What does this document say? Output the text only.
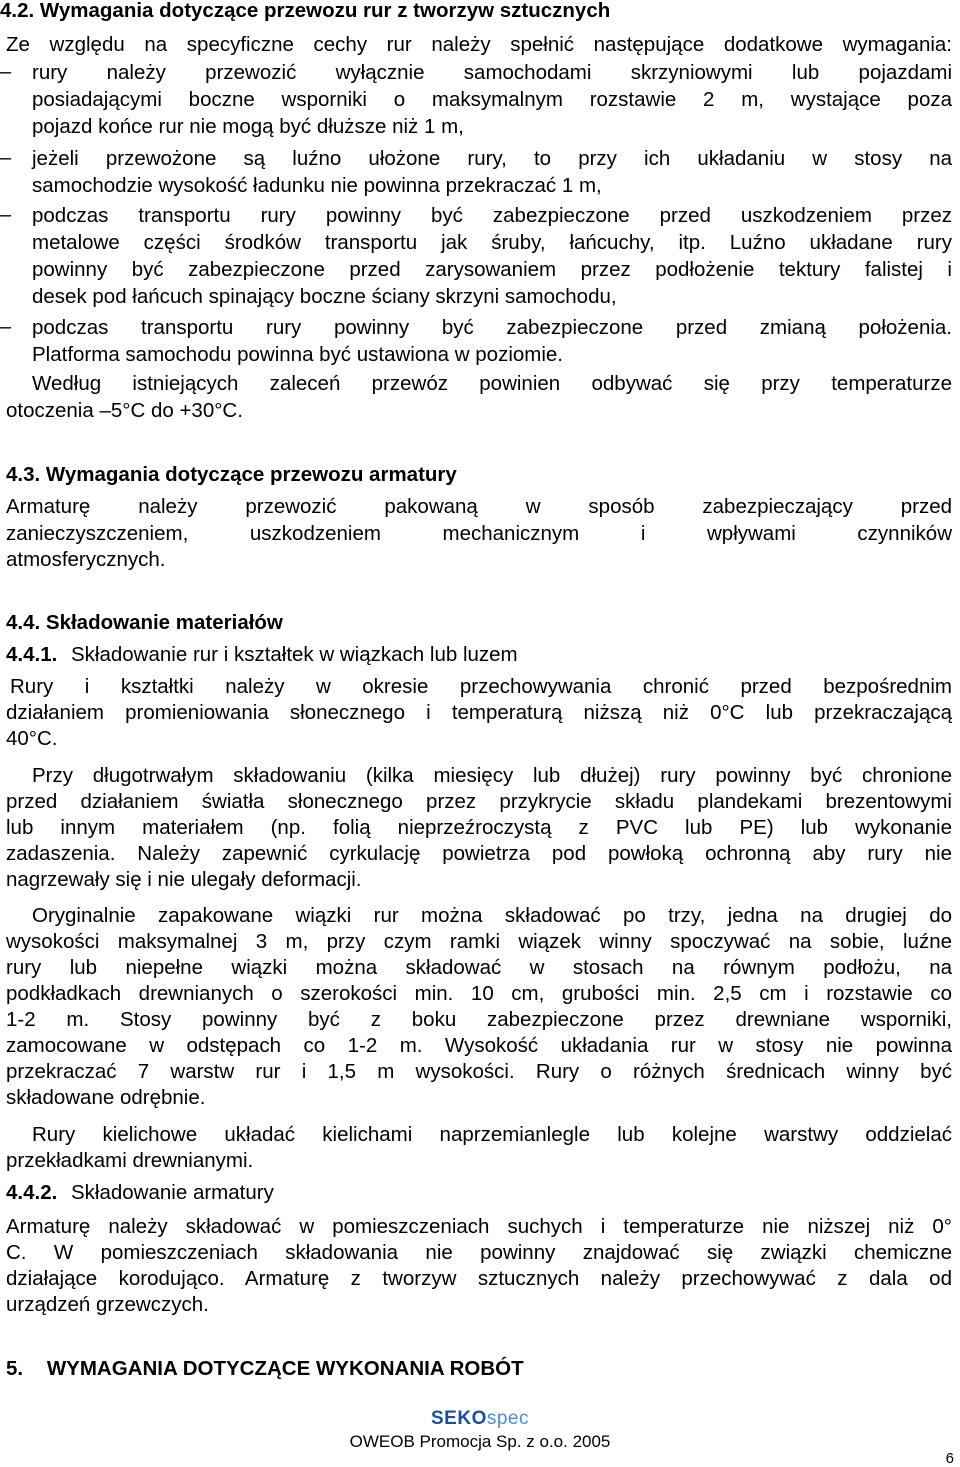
4.2. Wymagania dotyczące przewozu rur z tworzyw sztucznych
Ze względu na specyficzne cechy rur należy spełnić następujące dodatkowe wymagania:
– rury należy przewozić wyłącznie samochodami skrzyniowymi lub pojazdami
posiadającymi boczne wsporniki o maksymalnym rozstawie 2 m, wystające poza
pojazd końce rur nie mogą być dłuższe niż 1 m,
– jeżeli przewożone są luźno ułożone rury, to przy ich układaniu w stosy na
samochodzie wysokość ładunku nie powinna przekraczać 1 m,
– podczas transportu rury powinny być zabezpieczone przed uszkodzeniem przez
metalowe części środków transportu jak śruby, łańcuchy, itp. Luźno układane rury
powinny być zabezpieczone przed zarysowaniem przez podłożenie tektury falistej i
desek pod łańcuch spinający boczne ściany skrzyni samochodu,
– podczas transportu rury powinny być zabezpieczone przed zmianą położenia.
Platforma samochodu powinna być ustawiona w poziomie.
Według istniejących zaleceń przewóz powinien odbywać się przy temperaturze
otoczenia –5°C do +30°C.
4.3. Wymagania dotyczące przewozu armatury
Armaturę należy przewozić pakowaną w sposób zabezpieczający przed
zanieczyszczeniem, uszkodzeniem mechanicznym i wpływami czynników
atmosferycznych.
4.4. Składowanie materiałów
4.4.1. Składowanie rur i kształtek w wiązkach lub luzem
Rury i kształtki należy w okresie przechowywania chronić przed bezpośrednim
działaniem promieniowania słonecznego i temperaturą niższą niż 0°C lub przekraczającą
40°C.
Przy długotrwałym składowaniu (kilka miesięcy lub dłużej) rury powinny być chronione
przed działaniem światła słonecznego przez przykrycie składu plandekami brezentowymi
lub innym materiałem (np. folią nieprzeźroczystą z PVC lub PE) lub wykonanie
zadaszenia. Należy zapewnić cyrkulację powietrza pod powłoką ochronną aby rury nie
nagrzewały się i nie ulegały deformacji.
Oryginalnie zapakowane wiązki rur można składować po trzy, jedna na drugiej do
wysokości maksymalnej 3 m, przy czym ramki wiązek winny spoczywać na sobie, luźne
rury lub niepełne wiązki można składować w stosach na równym podłożu, na
podkładkach drewnianych o szerokości min. 10 cm, grubości min. 2,5 cm i rozstawie co
1-2 m. Stosy powinny być z boku zabezpieczone przez drewniane wsporniki,
zamocowane w odstępach co 1-2 m. Wysokość układania rur w stosy nie powinna
przekraczać 7 warstw rur i 1,5 m wysokości. Rury o różnych średnicach winny być
składowane odrębnie.
Rury kielichowe układać kielichami naprzemianlegle lub kolejne warstwy oddzielać
przekładkami drewnianymi.
4.4.2. Składowanie armatury
Armaturę należy składować w pomieszczeniach suchych i temperaturze nie niższej niż 0°
C. W pomieszczeniach składowania nie powinny znajdować się związki chemiczne
działające korodująco. Armaturę z tworzyw sztucznych należy przechowywać z dala od
urządzeń grzewczych.
5. WYMAGANIA DOTYCZĄCE WYKONANIA ROBÓT
SEKOspec
OWEOB Promocja Sp. z o.o. 2005
6
